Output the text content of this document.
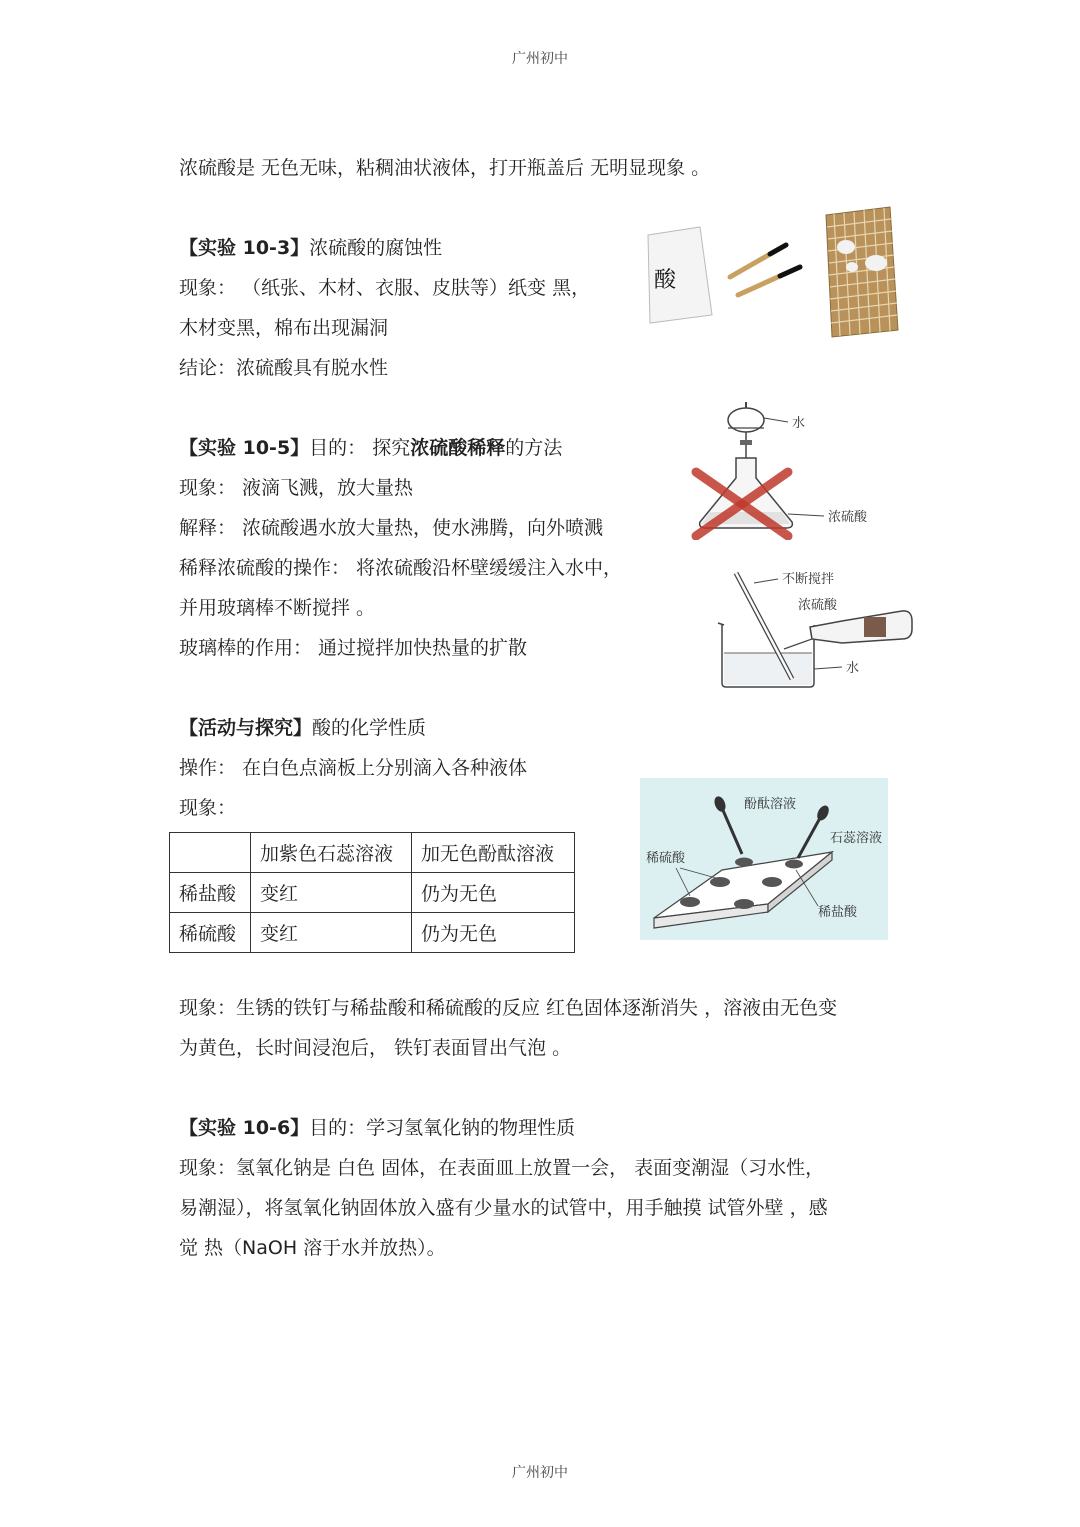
广州初中
浓硫酸是 无色无味，粘稠油状液体，打开瓶盖后 无明显现象 。
【实验 10-3】浓硫酸的腐蚀性
现象： （纸张、木材、衣服、皮肤等）纸变 黑，
木材变黑，棉布出现漏洞
结论：浓硫酸具有脱水性
酸
【实验 10-5】目的： 探究浓硫酸稀释的方法
现象： 液滴飞溅，放大量热
解释： 浓硫酸遇水放大量热，使水沸腾，向外喷溅
稀释浓硫酸的操作： 将浓硫酸沿杯壁缓缓注入水中，
并用玻璃棒不断搅拌 。
玻璃棒的作用： 通过搅拌加快热量的扩散
水
浓硫酸
不断搅拌
浓硫酸
水
【活动与探究】酸的化学性质
操作： 在白色点滴板上分别滴入各种液体
现象：
	加紫色石蕊溶液	加无色酚酞溶液
稀盐酸	变红	仍为无色
稀硫酸	变红	仍为无色
酚酞溶液
石蕊溶液
稀硫酸
稀盐酸
现象：生锈的铁钉与稀盐酸和稀硫酸的反应 红色固体逐渐消失 ，溶液由无色变
为黄色，长时间浸泡后， 铁钉表面冒出气泡 。
【实验 10-6】目的：学习氢氧化钠的物理性质
现象：氢氧化钠是 白色 固体，在表面皿上放置一会， 表面变潮湿（习水性，
易潮湿），将氢氧化钠固体放入盛有少量水的试管中，用手触摸 试管外壁 ，感
觉 热（NaOH 溶于水并放热）。
广州初中
